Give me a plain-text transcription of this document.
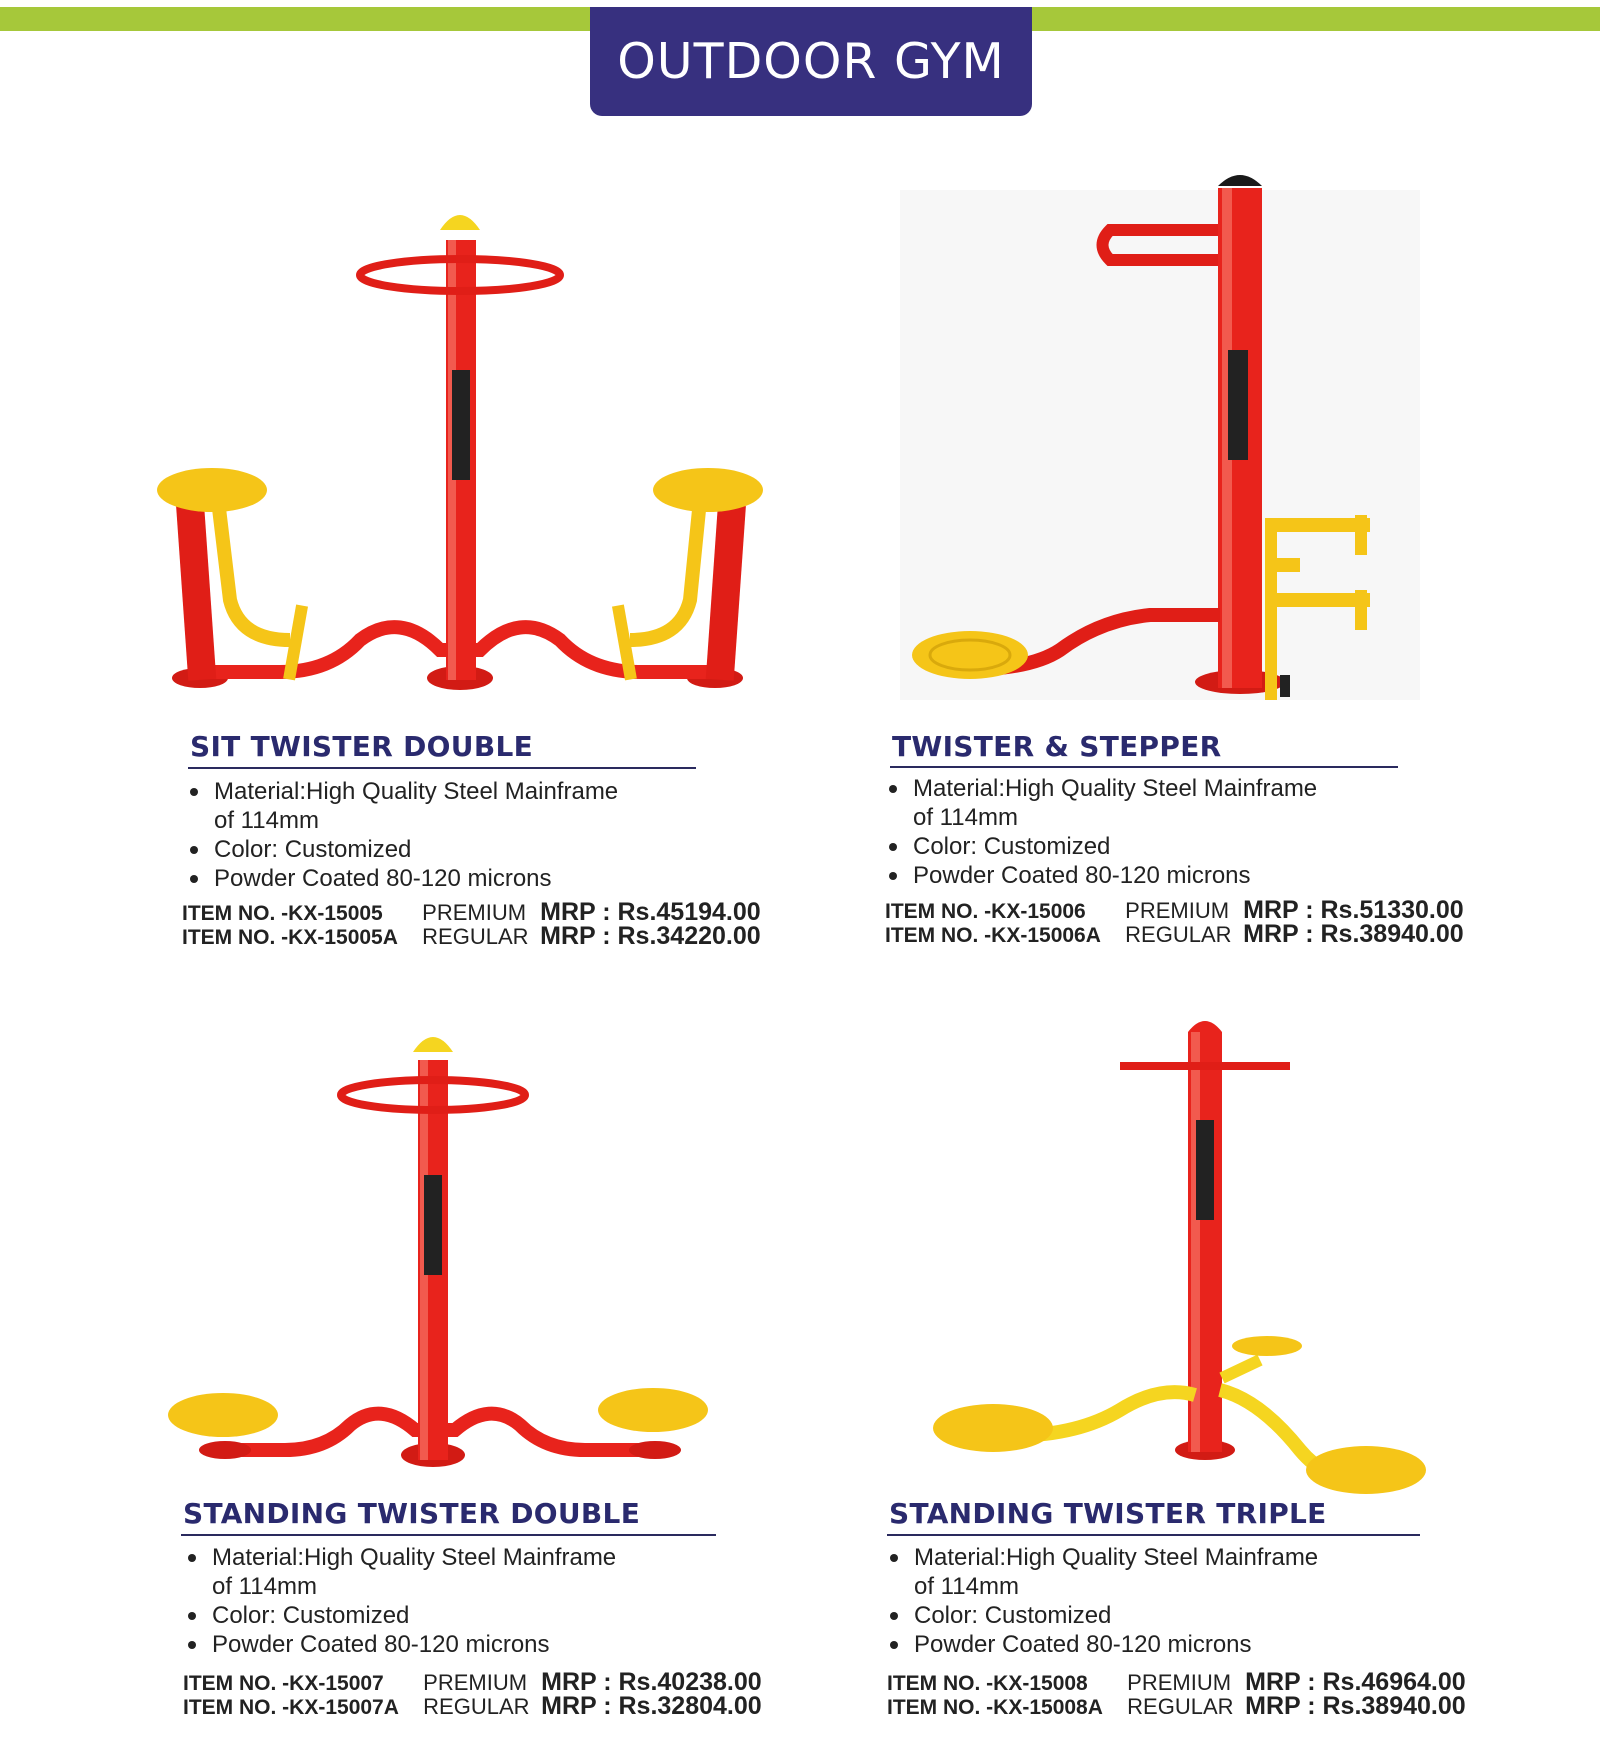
OUTDOOR GYM
SIT TWISTER DOUBLE
Material:High Quality Steel Mainframe
of 114mm
Color: Customized
Powder Coated 80-120 microns
ITEM NO. - KX-15005	PREMIUM MRP : Rs.45194.00
ITEM NO. - KX-15005A	REGULAR MRP : Rs.34220.00
TWISTER & STEPPER
Material:High Quality Steel Mainframe
of 114mm
Color: Customized
Powder Coated 80-120 microns
ITEM NO. - KX-15006	PREMIUM MRP : Rs.51330.00
ITEM NO. - KX-15006A	REGULAR MRP : Rs.38940.00
STANDING TWISTER DOUBLE
Material:High Quality Steel Mainframe
of 114mm
Color: Customized
Powder Coated 80-120 microns
ITEM NO. - KX-15007	PREMIUM MRP : Rs.40238.00
ITEM NO. - KX-15007A	REGULAR MRP : Rs.32804.00
STANDING TWISTER TRIPLE
Material:High Quality Steel Mainframe
of 114mm
Color: Customized
Powder Coated 80-120 microns
ITEM NO. - KX-15008	PREMIUM MRP : Rs.46964.00
ITEM NO. - KX-15008A	REGULAR MRP : Rs.38940.00
